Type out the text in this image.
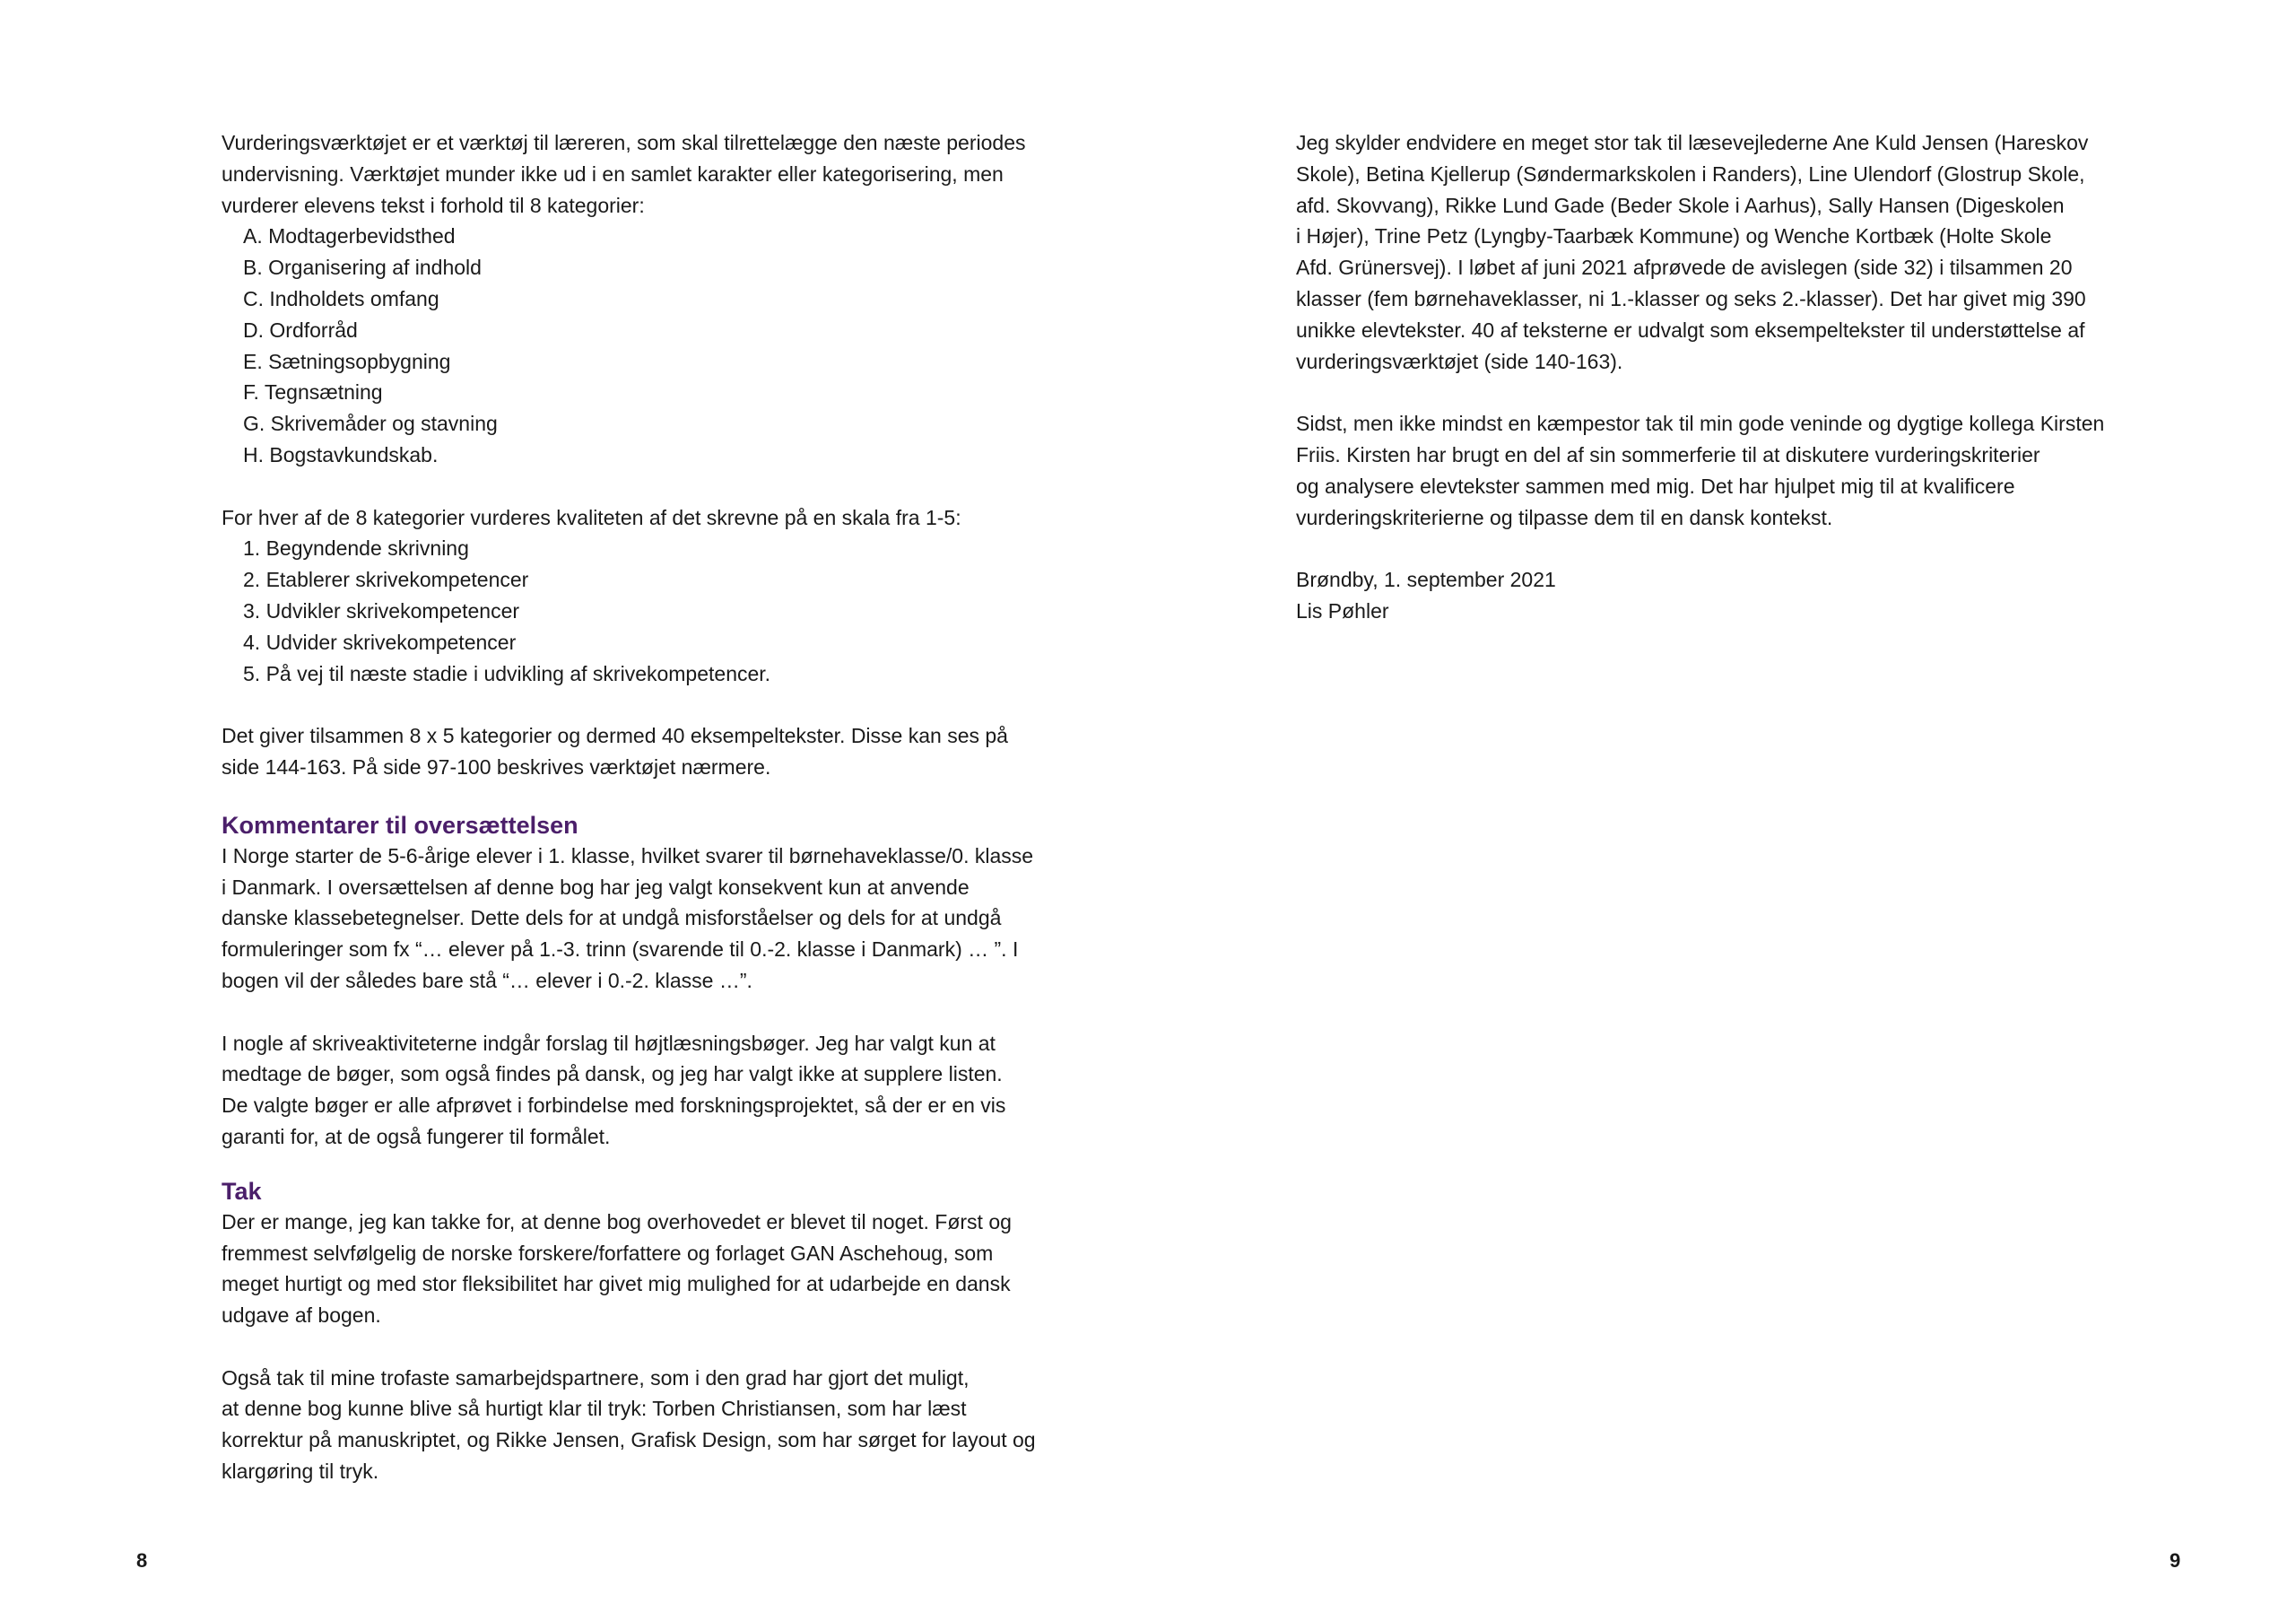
Vurderingsværktøjet er et værktøj til læreren, som skal tilrettelægge den næste periodes
undervisning. Værktøjet munder ikke ud i en samlet karakter eller kategorisering, men
vurderer elevens tekst i forhold til 8 kategorier:
A. Modtagerbevidsthed
B. Organisering af indhold
C. Indholdets omfang
D. Ordforråd
E. Sætningsopbygning
F. Tegnsætning
G. Skrivemåder og stavning
H. Bogstavkundskab.
For hver af de 8 kategorier vurderes kvaliteten af det skrevne på en skala fra 1-5:
1. Begyndende skrivning
2. Etablerer skrivekompetencer
3. Udvikler skrivekompetencer
4. Udvider skrivekompetencer
5. På vej til næste stadie i udvikling af skrivekompetencer.
Det giver tilsammen 8 x 5 kategorier og dermed 40 eksempeltekster. Disse kan ses på
side 144-163. På side 97-100 beskrives værktøjet nærmere.
Kommentarer til oversættelsen
I Norge starter de 5-6-årige elever i 1. klasse, hvilket svarer til børnehaveklasse/0. klasse
i Danmark. I oversættelsen af denne bog har jeg valgt konsekvent kun at anvende
danske klassebetegnelser. Dette dels for at undgå misforståelser og dels for at undgå
formuleringer som fx “… elever på 1.-3. trinn (svarende til 0.-2. klasse i Danmark) … ”. I
bogen vil der således bare stå “… elever i 0.-2. klasse …”.
I nogle af skriveaktiviteterne indgår forslag til højtlæsningsbøger. Jeg har valgt kun at
medtage de bøger, som også findes på dansk, og jeg har valgt ikke at supplere listen.
De valgte bøger er alle afprøvet i forbindelse med forskningsprojektet, så der er en vis
garanti for, at de også fungerer til formålet.
Tak
Der er mange, jeg kan takke for, at denne bog overhovedet er blevet til noget. Først og
fremmest selvfølgelig de norske forskere/forfattere og forlaget GAN Aschehoug, som
meget hurtigt og med stor fleksibilitet har givet mig mulighed for at udarbejde en dansk
udgave af bogen.
Også tak til mine trofaste samarbejdspartnere, som i den grad har gjort det muligt,
at denne bog kunne blive så hurtigt klar til tryk: Torben Christiansen, som har læst
korrektur på manuskriptet, og Rikke Jensen, Grafisk Design, som har sørget for layout og
klargøring til tryk.
8
Jeg skylder endvidere en meget stor tak til læsevejlederne Ane Kuld Jensen (Hareskov
Skole), Betina Kjellerup (Søndermarkskolen i Randers), Line Ulendorf (Glostrup Skole,
afd. Skovvang), Rikke Lund Gade (Beder Skole i Aarhus), Sally Hansen (Digeskolen
i Højer), Trine Petz (Lyngby-Taarbæk Kommune) og Wenche Kortbæk (Holte Skole
Afd. Grünersvej). I løbet af juni 2021 afprøvede de avislegen (side 32) i tilsammen 20
klasser (fem børnehaveklasser, ni 1.-klasser og seks 2.-klasser). Det har givet mig 390
unikke elevtekster. 40 af teksterne er udvalgt som eksempeltekster til understøttelse af
vurderingsværktøjet (side 140-163).
Sidst, men ikke mindst en kæmpestor tak til min gode veninde og dygtige kollega Kirsten
Friis. Kirsten har brugt en del af sin sommerferie til at diskutere vurderingskriterier
og analysere elevtekster sammen med mig. Det har hjulpet mig til at kvalificere
vurderingskriterierne og tilpasse dem til en dansk kontekst.
Brøndby, 1. september 2021
Lis Pøhler
9
